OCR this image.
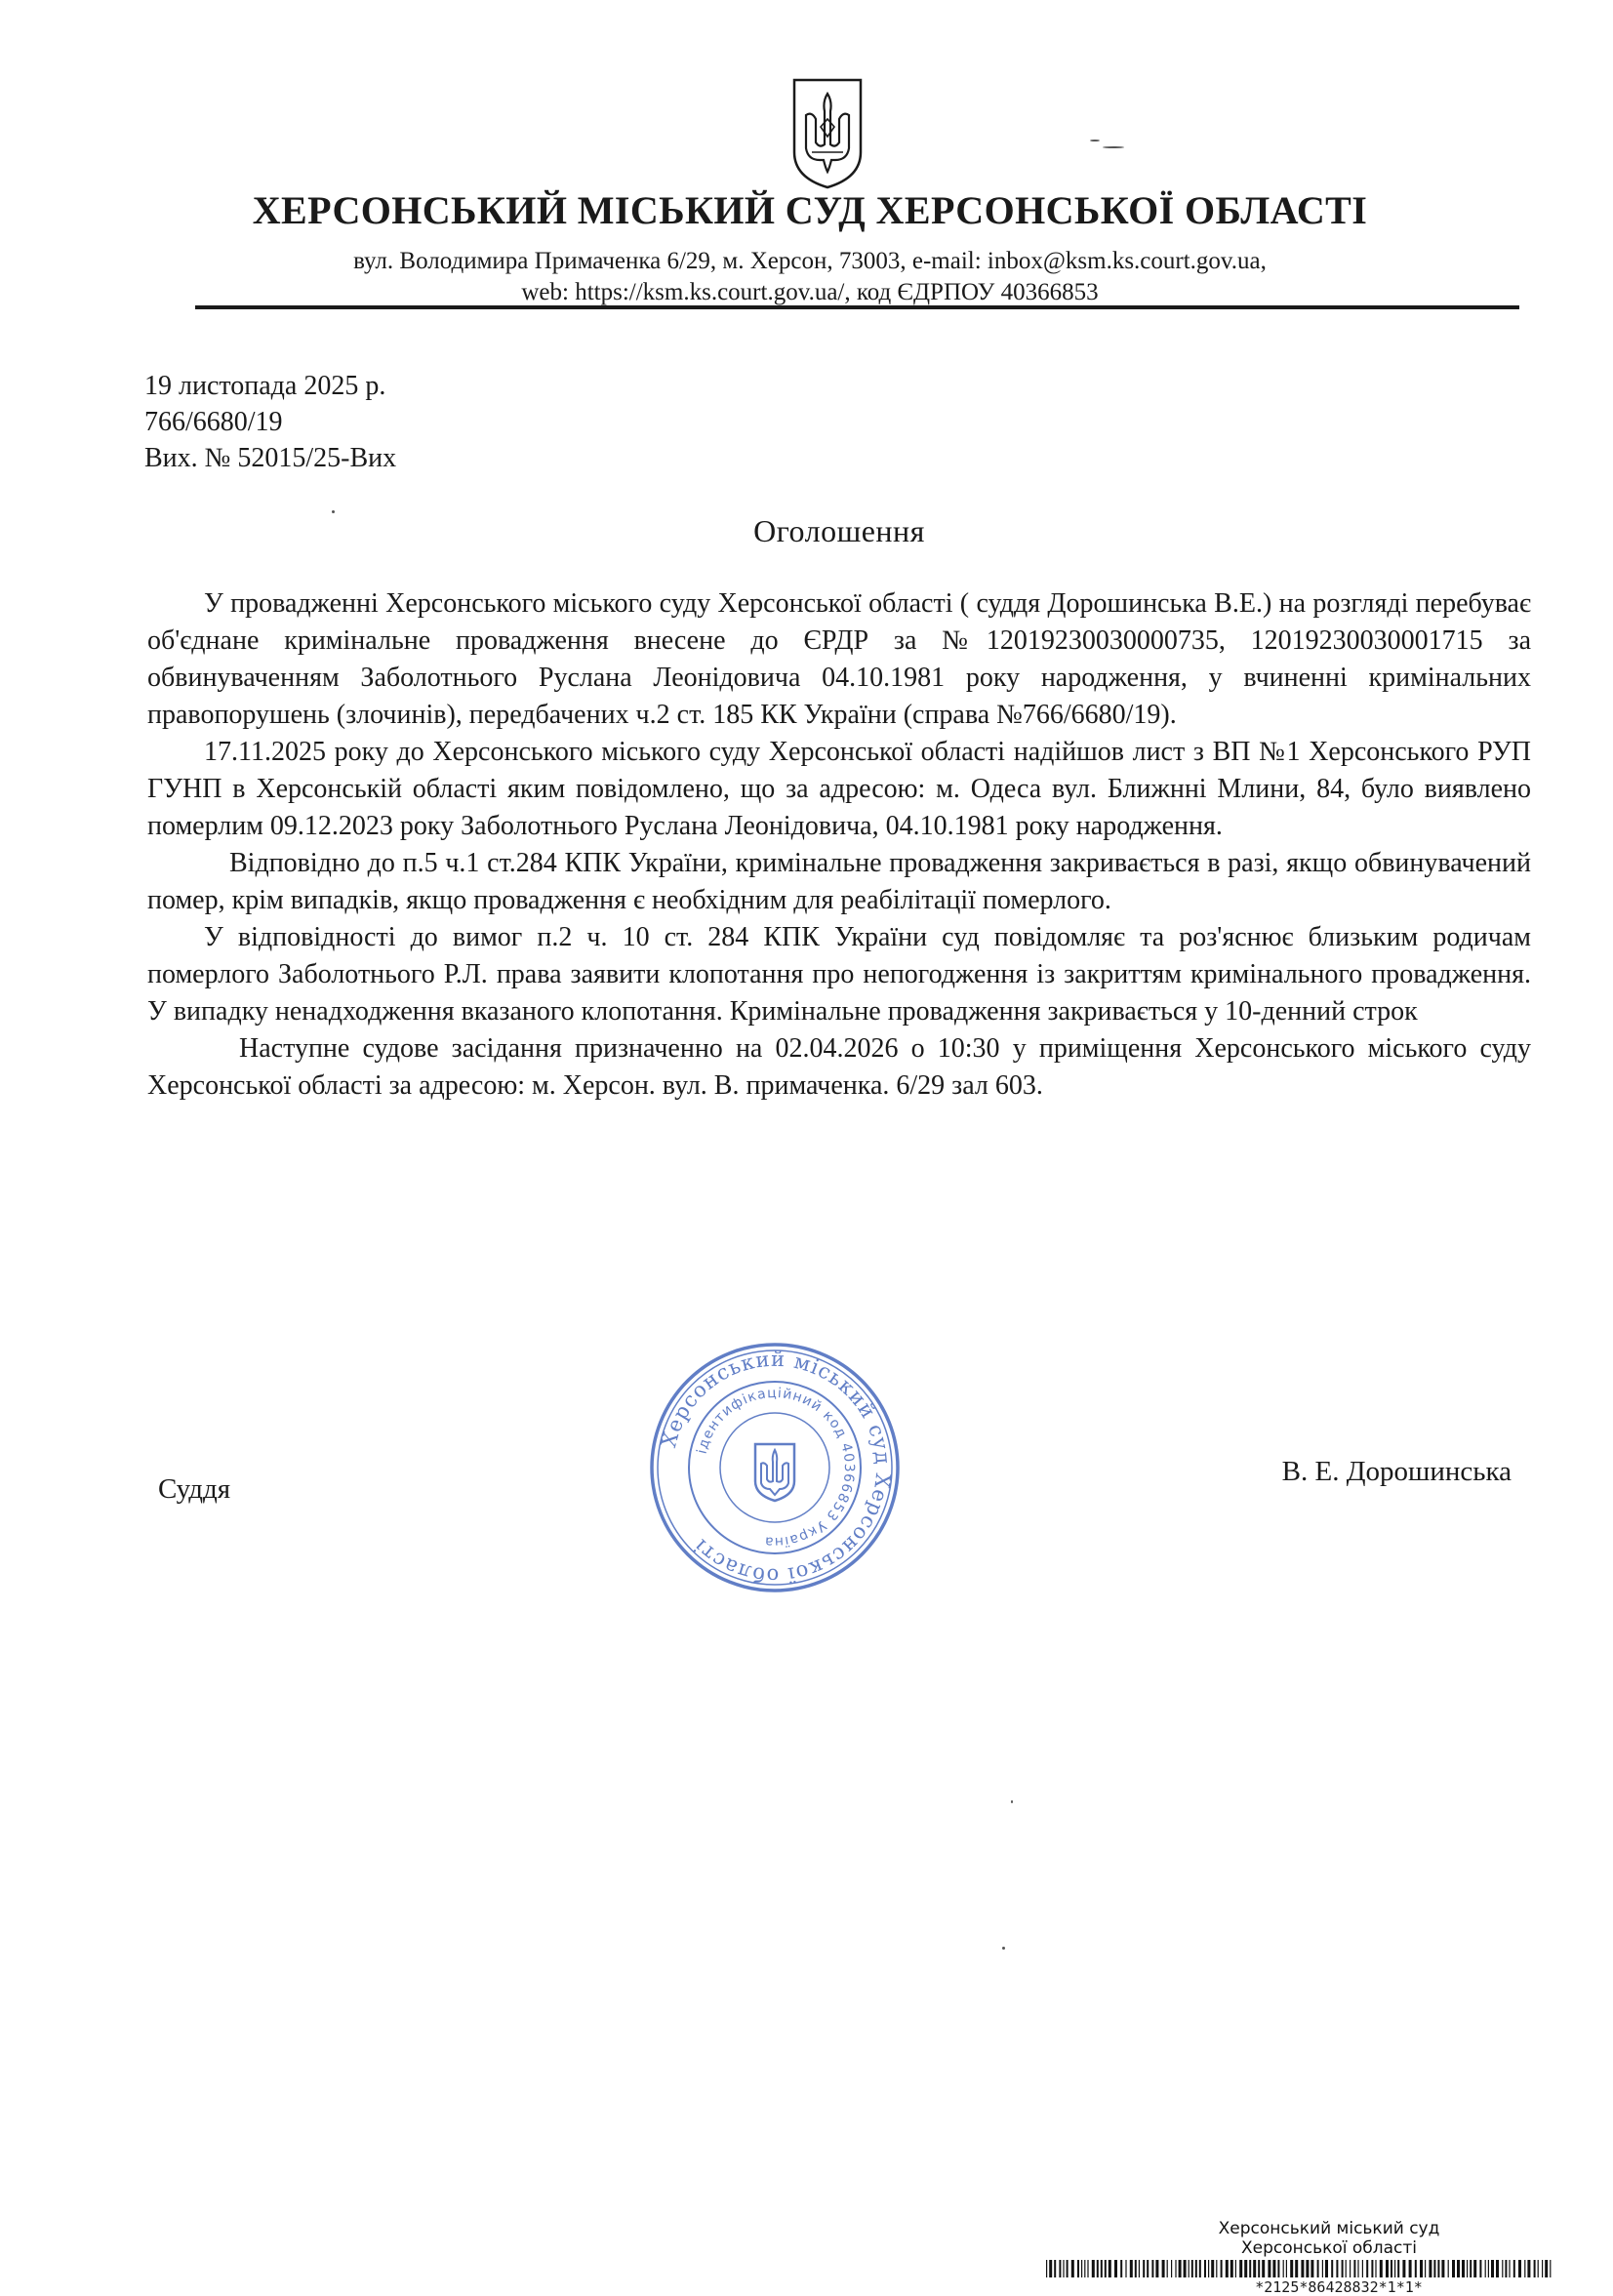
ХЕРСОНСЬКИЙ МІСЬКИЙ СУД ХЕРСОНСЬКОЇ ОБЛАСТІ
вул. Володимира Примаченка 6/29, м. Херсон, 73003, e-mail: inbox@ksm.ks.court.gov.ua,
web: https://ksm.ks.court.gov.ua/, код ЄДРПОУ 40366853
19 листопада 2025 р.
766/6680/19
Вих. № 52015/25-Вих
Оголошення

У провадженні Херсонського міського суду Херсонської області ( суддя Дорошинська В.Е.) на розгляді перебуває об'єднане кримінальне провадження внесене до ЄРДР за №12019230030000735, 12019230030001715 за обвинуваченням Заболотнього Руслана Леонідовича 04.10.1981 року народження, у вчиненні кримінальних правопорушень (злочинів), передбачених ч.2 ст. 185 КК України (справа №766/6680/19).

17.11.2025 року до Херсонського міського суду Херсонської області надійшов лист з ВП №1 Херсонського РУП ГУНП в Херсонській області яким повідомлено, що за адресою: м. Одеса вул. Ближнні Млини, 84, було виявлено померлим 09.12.2023 року Заболотнього Руслана Леонідовича, 04.10.1981 року народження.

Відповідно до п.5 ч.1 ст.284 КПК України, кримінальне провадження закривається в разі, якщо обвинувачений помер, крім випадків, якщо провадження є необхідним для реабілітації померлого.

У відповідності до вимог п.2 ч. 10 ст. 284 КПК України суд повідомляє та роз'яснює близьким родичам померлого Заболотнього Р.Л. права заявити клопотання про непогодження із закриттям кримінального провадження. У випадку ненадходження вказаного клопотання. Кримінальне провадження закривається у 10-денний строк

Наступне судове засідання призначенно на 02.04.2026 о 10:30 у приміщення Херсонського міського суду Херсонської області за адресою: м. Херсон. вул. В. примаченка. 6/29 зал 603.

Херсонський міський суд Херсонської області
ідентифікаційний код 40366853 Україна
Суддя
В. Е. Дорошинська
Херсонський міський суд
Херсонської області
*2125*86428832*1*1*
